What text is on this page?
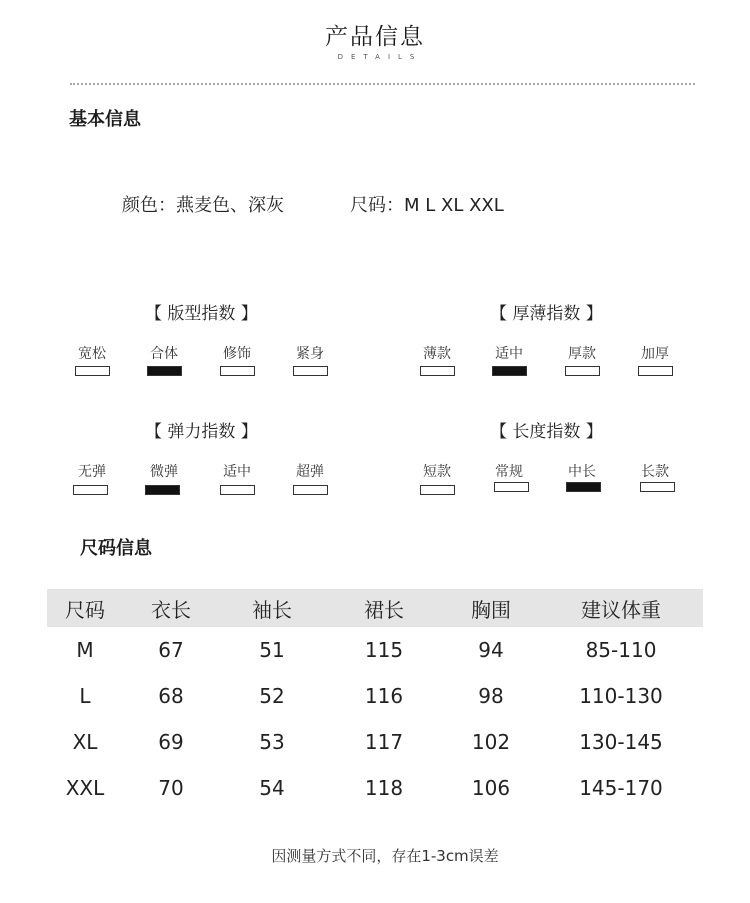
产品信息
DETAILS
基本信息
颜色：燕麦色、深灰	尺码：M L XL XXL
【 版型指数 】
宽松	合体	修饰	紧身
【 厚薄指数 】
薄款	适中	厚款	加厚
【 弹力指数 】
无弹	微弹	适中	超弹
【 长度指数 】
短款	常规	中长	长款
尺码信息
尺码	衣长	袖长	裙长	胸围	建议体重
M	67	51	115	94	85-110
L	68	52	116	98	110-130
XL	69	53	117	102	130-145
XXL	70	54	118	106	145-170
因测量方式不同，存在1-3cm误差
